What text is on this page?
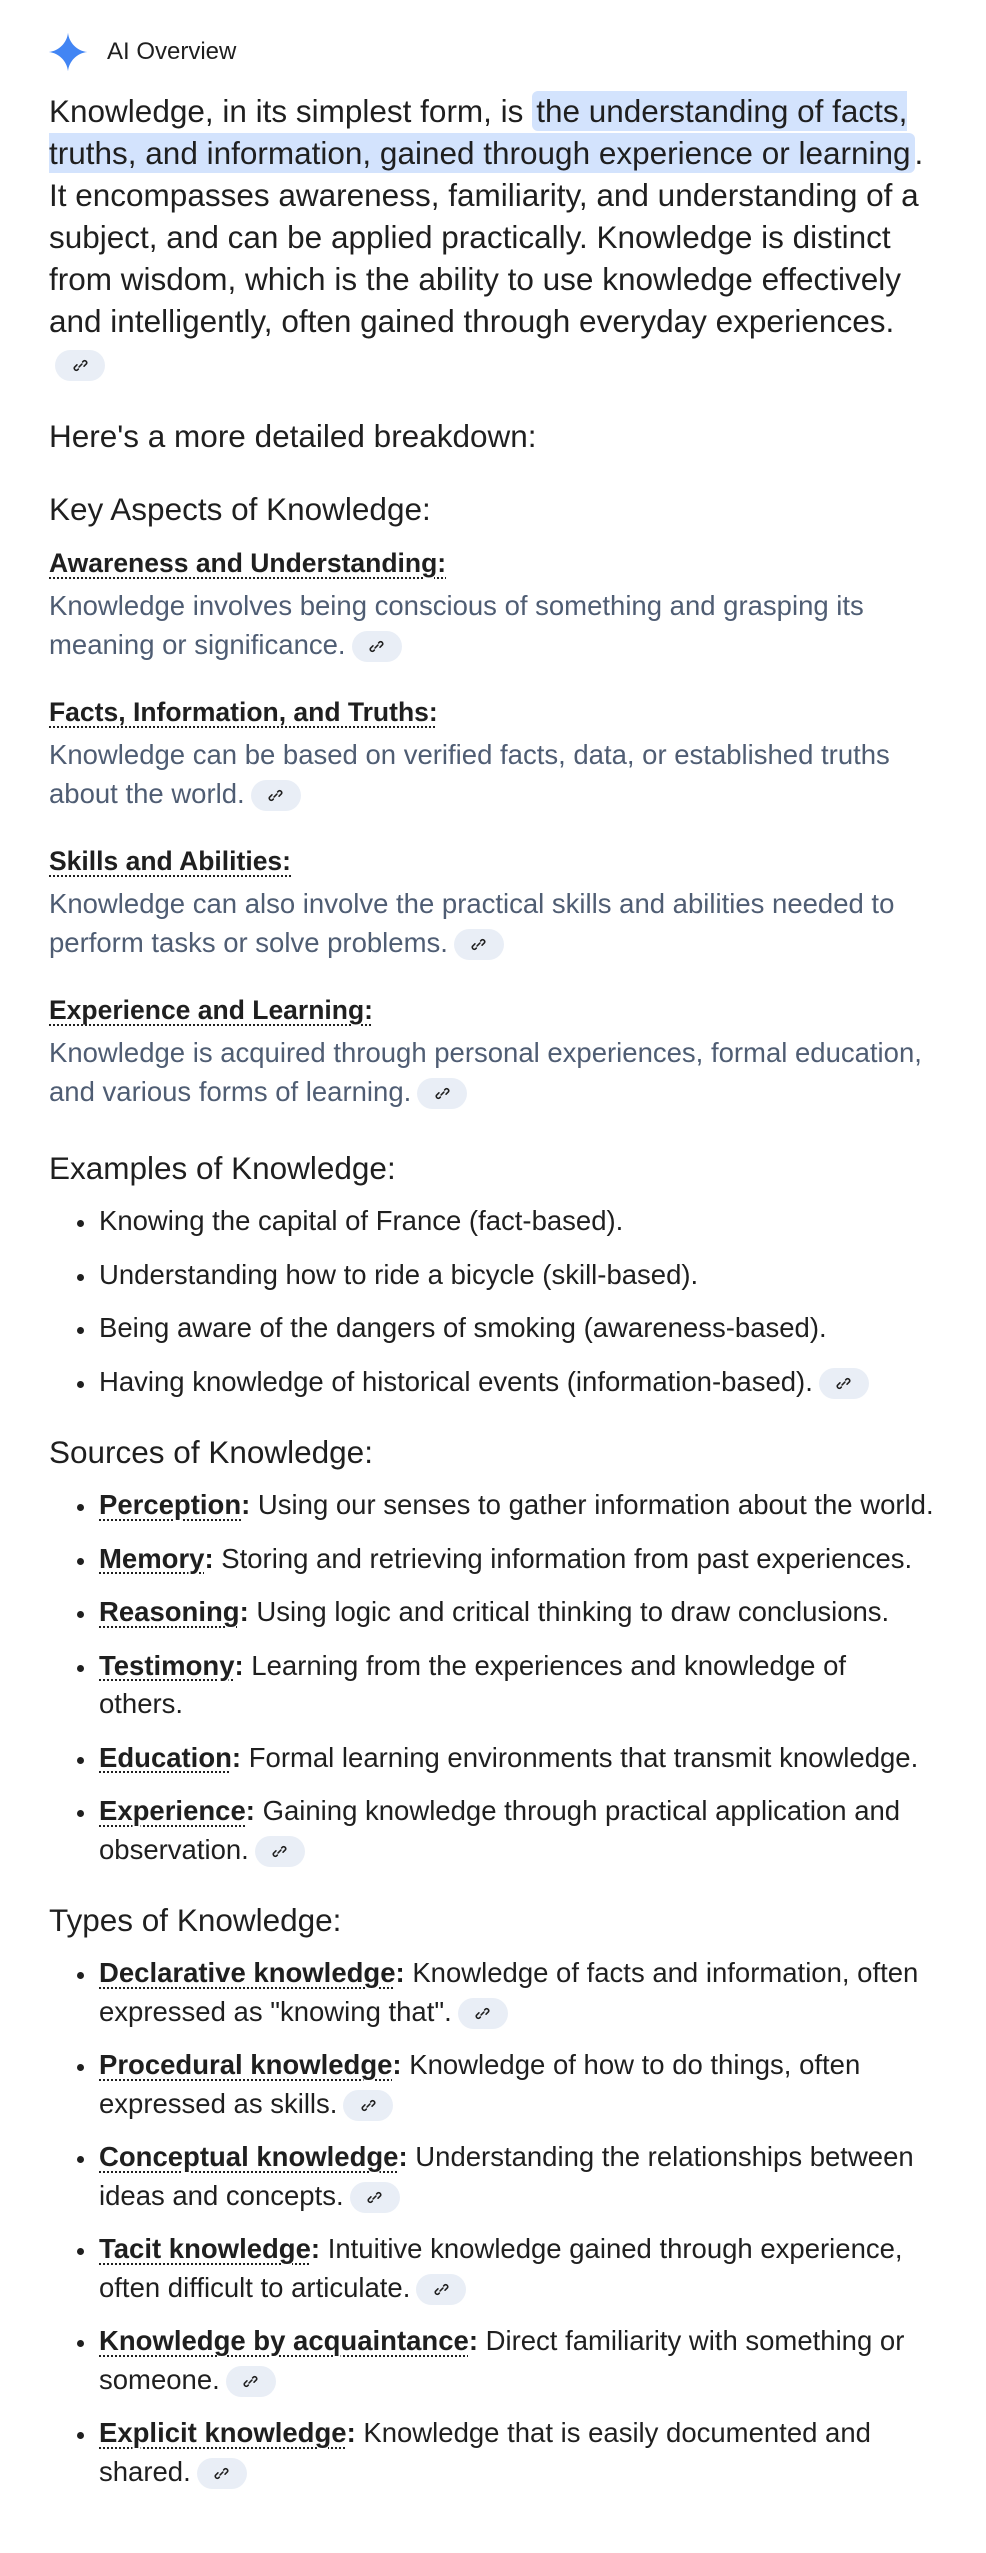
AI Overview

Knowledge, in its simplest form, is the understanding of facts, truths, and information, gained through experience or learning . It encompasses awareness, familiarity, and understanding of a subject, and can be applied practically. Knowledge is distinct from wisdom, which is the ability to use knowledge effectively and intelligently, often gained through everyday experiences.

Here's a more detailed breakdown:
Key Aspects of Knowledge:

Awareness and Understanding:

Knowledge involves being conscious of something and grasping its meaning or significance.

Facts, Information, and Truths:

Knowledge can be based on verified facts, data, or established truths about the world.

Skills and Abilities:

Knowledge can also involve the practical skills and abilities needed to perform tasks or solve problems.

Experience and Learning:

Knowledge is acquired through personal experiences, formal education, and various forms of learning.

Examples of Knowledge:
• Knowing the capital of France (fact-based).
• Understanding how to ride a bicycle (skill-based).
• Being aware of the dangers of smoking (awareness-based).
• Having knowledge of historical events (information-based).
Sources of Knowledge:
• Perception: Using our senses to gather information about the world.
• Memory: Storing and retrieving information from past experiences.
• Reasoning: Using logic and critical thinking to draw conclusions.
• Testimony: Learning from the experiences and knowledge of others.
• Education: Formal learning environments that transmit knowledge.
• Experience: Gaining knowledge through practical application and observation.
Types of Knowledge:
• Declarative knowledge: Knowledge of facts and information, often expressed as "knowing that".
• Procedural knowledge: Knowledge of how to do things, often expressed as skills.
• Conceptual knowledge: Understanding the relationships between ideas and concepts.
• Tacit knowledge: Intuitive knowledge gained through experience, often difficult to articulate.
• Knowledge by acquaintance: Direct familiarity with something or someone.
• Explicit knowledge: Knowledge that is easily documented and shared.
